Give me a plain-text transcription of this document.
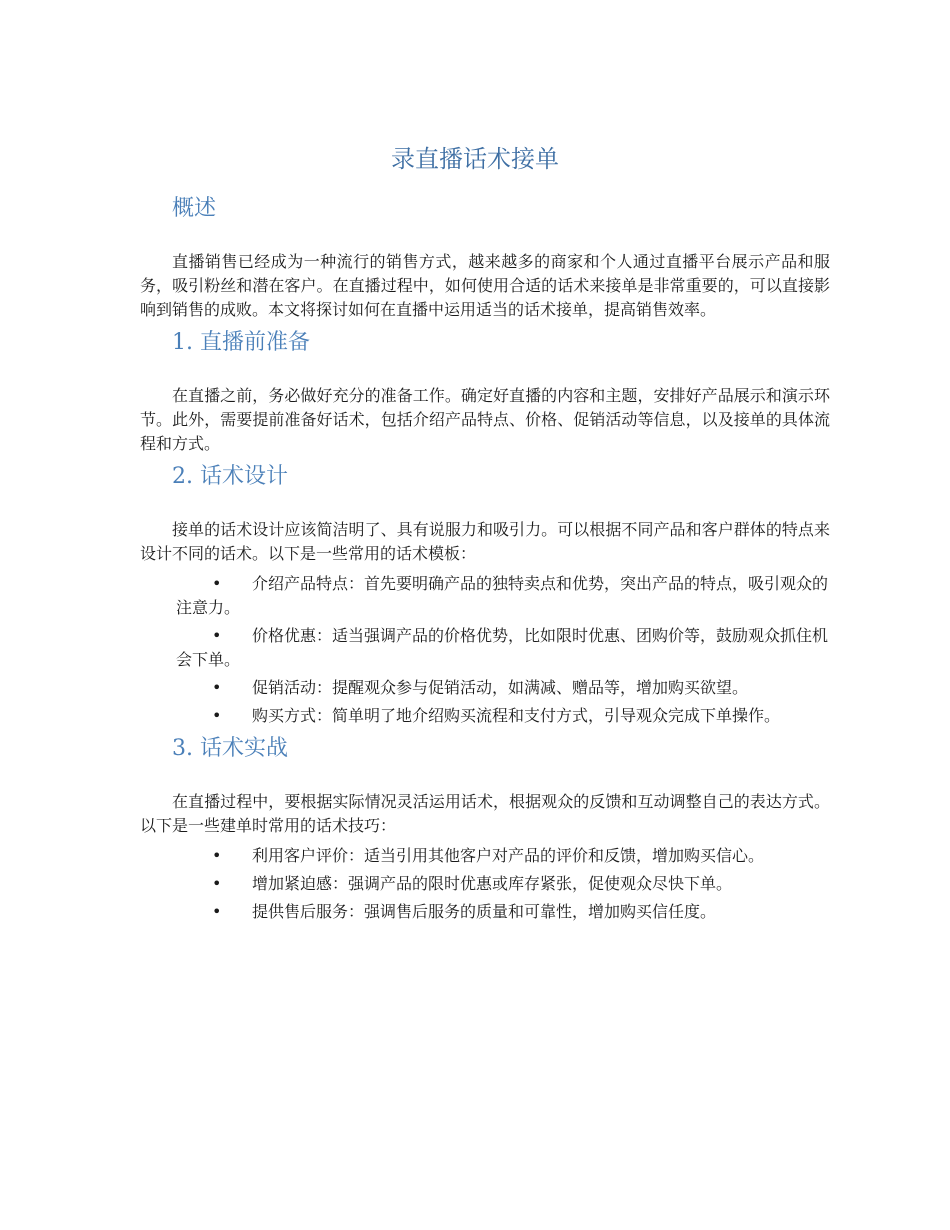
录直播话术接单
概述

直播销售已经成为一种流行的销售方式，越来越多的商家和个人通过直播平台展示产品和服务，吸引粉丝和潜在客户。在直播过程中，如何使用合适的话术来接单是非常重要的，可以直接影响到销售的成败。本文将探讨如何在直播中运用适当的话术接单，提高销售效率。

1. 直播前准备

在直播之前，务必做好充分的准备工作。确定好直播的内容和主题，安排好产品展示和演示环节。此外，需要提前准备好话术，包括介绍产品特点、价格、促销活动等信息，以及接单的具体流程和方式。

2. 话术设计

接单的话术设计应该简洁明了、具有说服力和吸引力。可以根据不同产品和客户群体的特点来设计不同的话术。以下是一些常用的话术模板：

• 介绍产品特点：首先要明确产品的独特卖点和优势，突出产品的特点，吸引观众的注意力。
• 价格优惠：适当强调产品的价格优势，比如限时优惠、团购价等，鼓励观众抓住机会下单。
• 促销活动：提醒观众参与促销活动，如满减、赠品等，增加购买欲望。
• 购买方式：简单明了地介绍购买流程和支付方式，引导观众完成下单操作。
3. 话术实战

在直播过程中，要根据实际情况灵活运用话术，根据观众的反馈和互动调整自己的表达方式。以下是一些建单时常用的话术技巧：

• 利用客户评价：适当引用其他客户对产品的评价和反馈，增加购买信心。
• 增加紧迫感：强调产品的限时优惠或库存紧张，促使观众尽快下单。
• 提供售后服务：强调售后服务的质量和可靠性，增加购买信任度。
